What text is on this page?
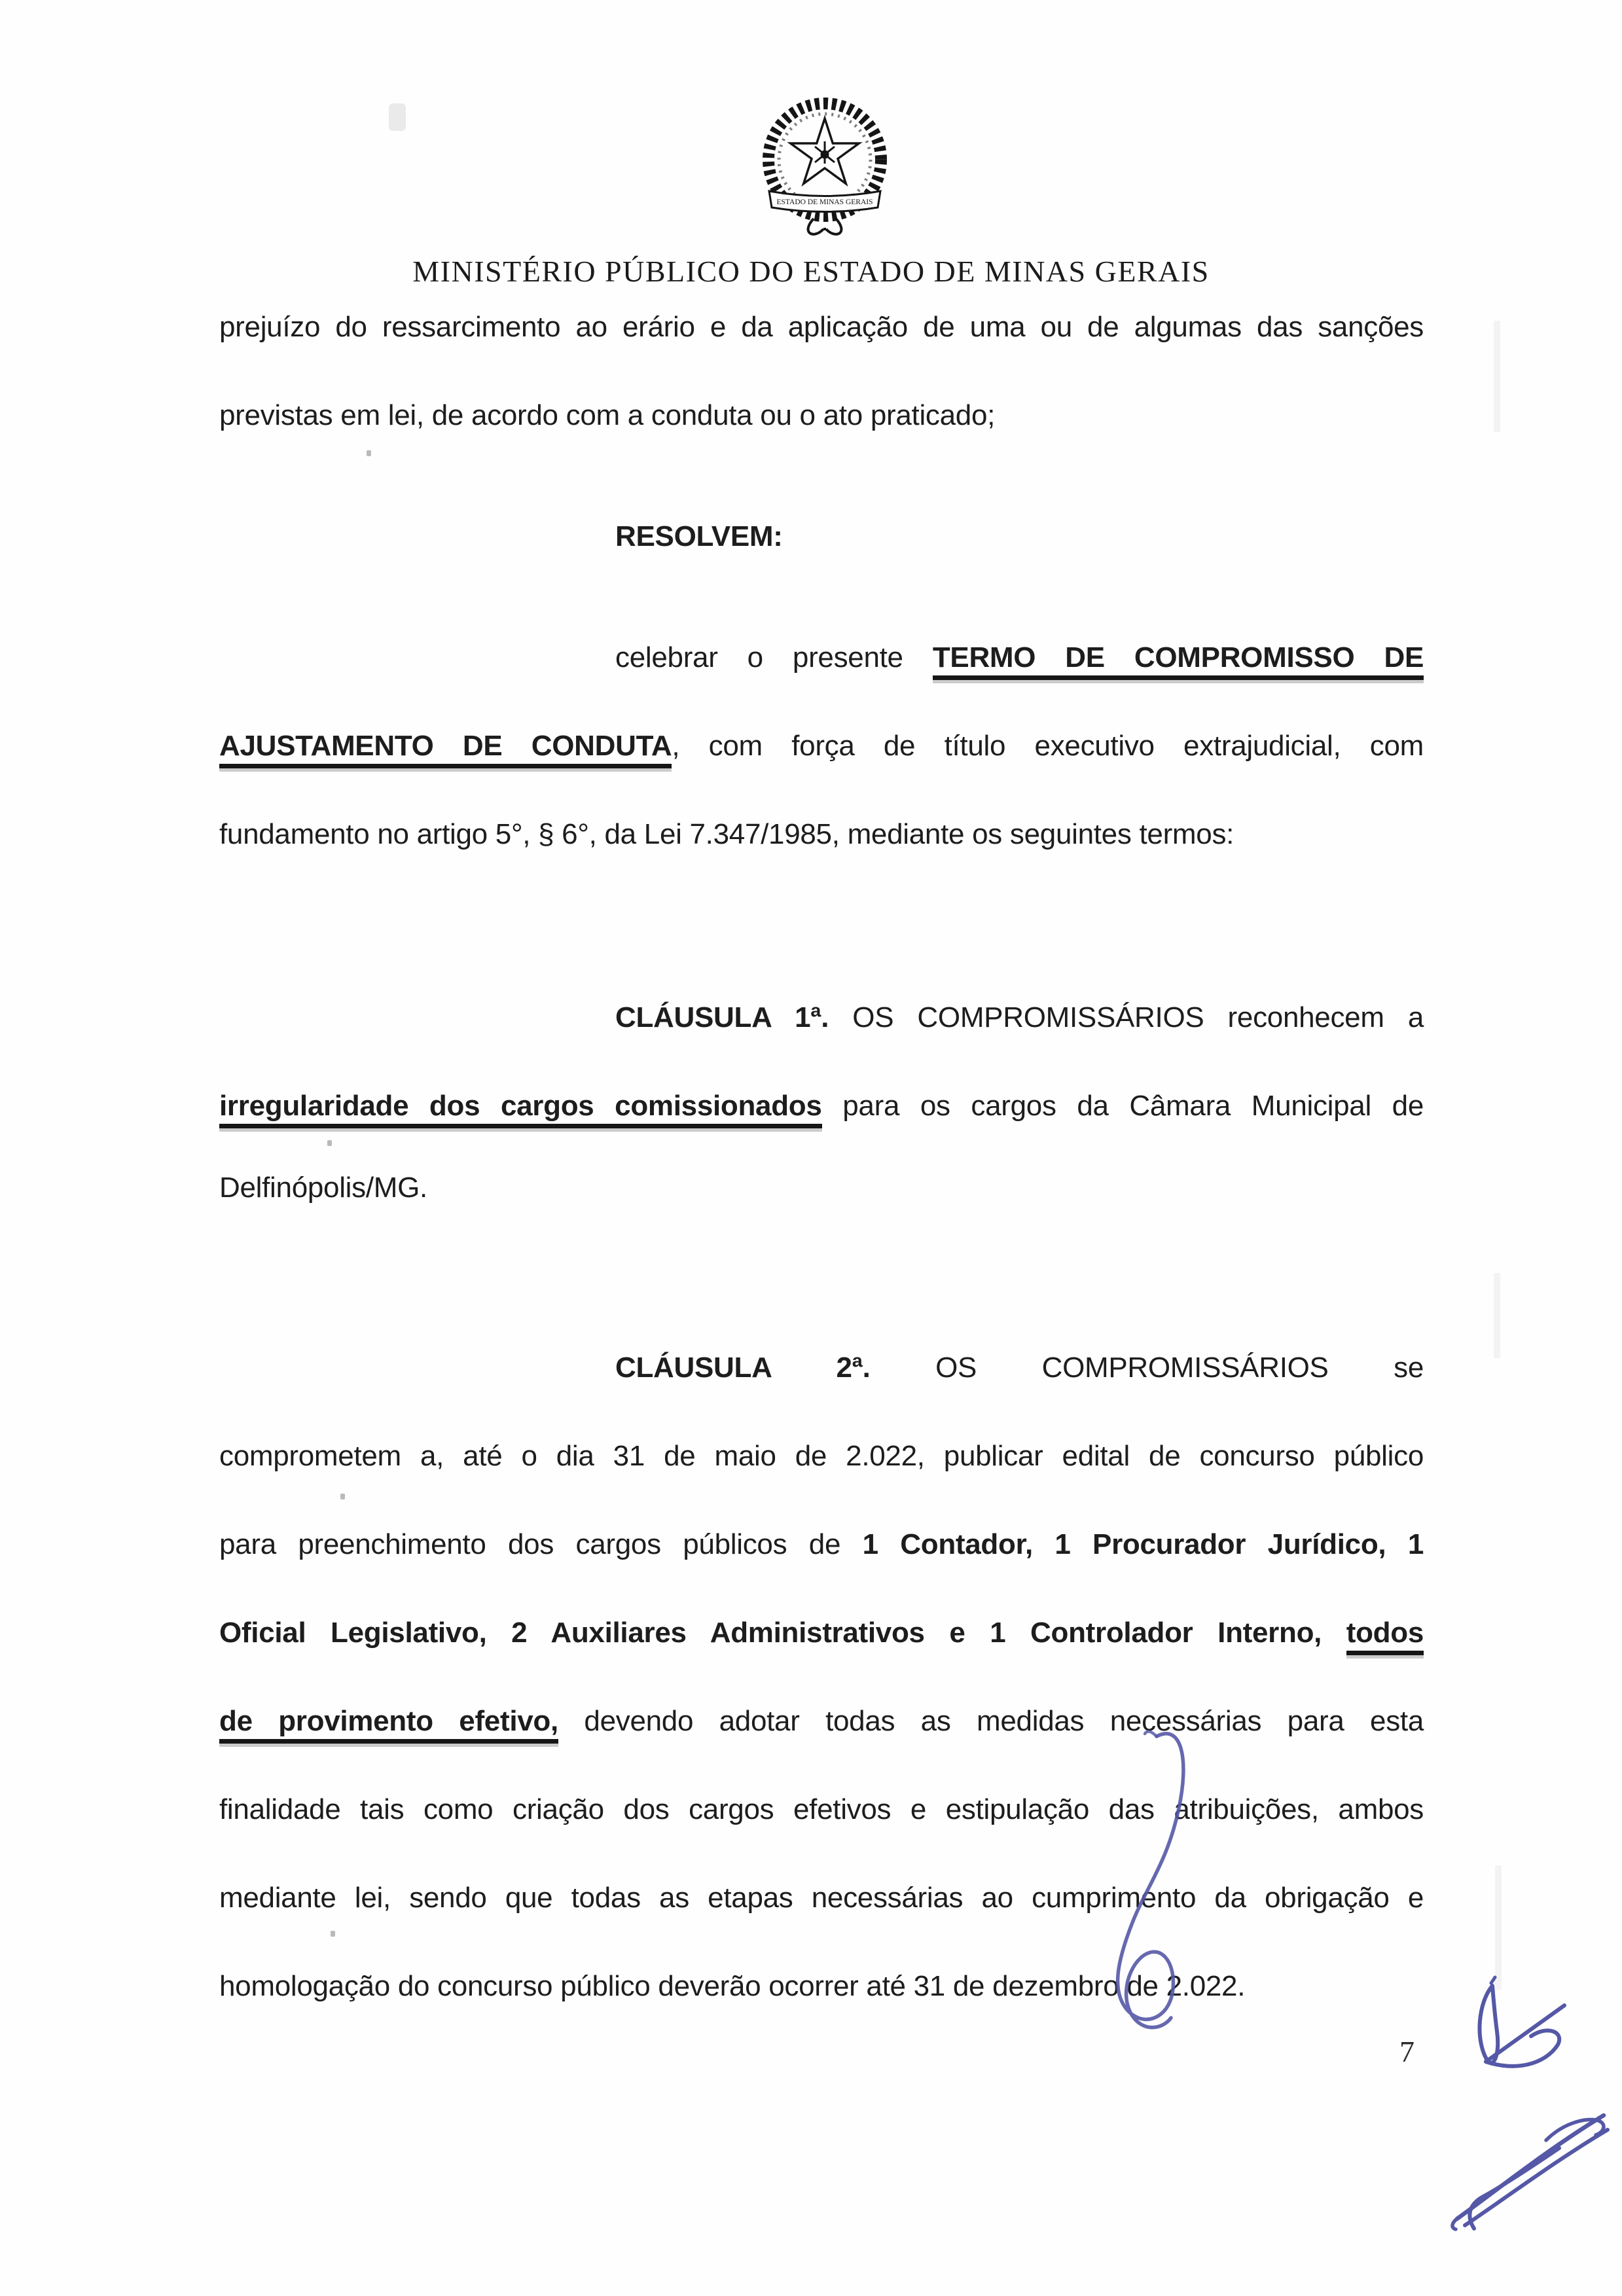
ESTADO DE MINAS GERAIS
MINISTÉRIO PÚBLICO DO ESTADO DE MINAS GERAIS
prejuízo do ressarcimento ao erário e da aplicação de uma ou de algumas das sanções
previstas em lei, de acordo com a conduta ou o ato praticado;
RESOLVEM:
celebrar o presente TERMO DE COMPROMISSO DE
AJUSTAMENTO DE CONDUTA, com força de título executivo extrajudicial, com
fundamento no artigo 5°, § 6°, da Lei 7.347/1985, mediante os seguintes termos:
CLÁUSULA 1ª. OS COMPROMISSÁRIOS reconhecem a
irregularidade dos cargos comissionados para os cargos da Câmara Municipal de
Delfinópolis/MG.
CLÁUSULA 2ª. OS COMPROMISSÁRIOS se
comprometem a, até o dia 31 de maio de 2.022, publicar edital de concurso público
para preenchimento dos cargos públicos de 1 Contador, 1 Procurador Jurídico, 1
Oficial Legislativo, 2 Auxiliares Administrativos e 1 Controlador Interno, todos
de provimento efetivo, devendo adotar todas as medidas necessárias para esta
finalidade tais como criação dos cargos efetivos e estipulação das atribuições, ambos
mediante lei, sendo que todas as etapas necessárias ao cumprimento da obrigação e
homologação do concurso público deverão ocorrer até 31 de dezembro de 2.022.
7
